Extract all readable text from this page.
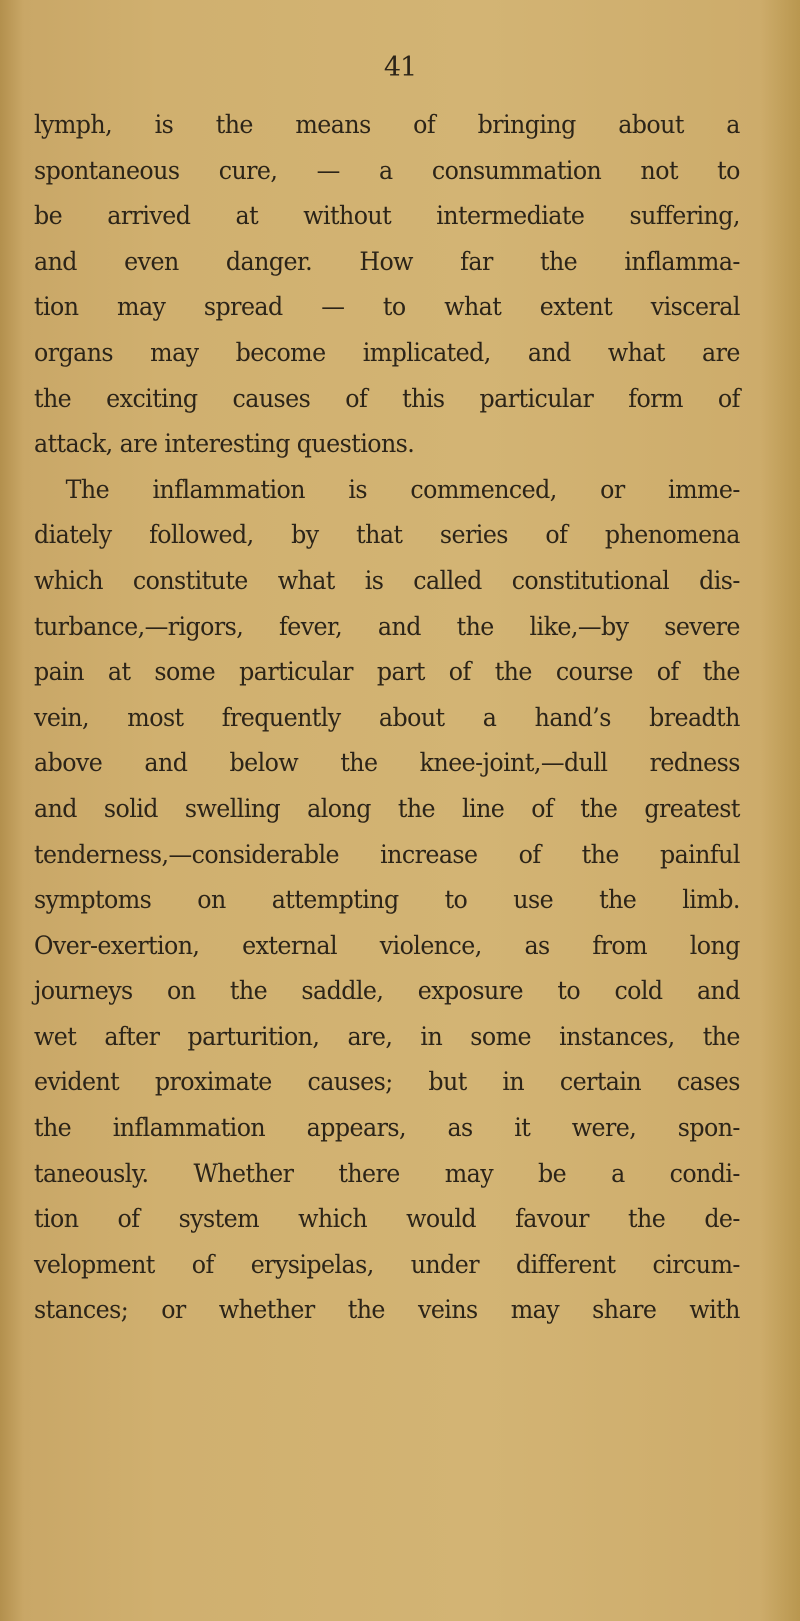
41
lymph, is the means of bringing about a
spontaneous cure, — a consummation not to
be arrived at without intermediate suffering,
and even danger. How far the inflamma-
tion may spread — to what extent visceral
organs may become implicated, and what are
the exciting causes of this particular form of
attack, are interesting questions.
The inflammation is commenced, or imme-
diately followed, by that series of phenomena
which constitute what is called constitutional dis-
turbance,—rigors, fever, and the like,—by severe
pain at some particular part of the course of the
vein, most frequently about a hand’s breadth
above and below the knee-joint,—dull redness
and solid swelling along the line of the greatest
tenderness,—considerable increase of the painful
symptoms on attempting to use the limb.
Over-exertion, external violence, as from long
journeys on the saddle, exposure to cold and
wet after parturition, are, in some instances, the
evident proximate causes; but in certain cases
the inflammation appears, as it were, spon-
taneously. Whether there may be a condi-
tion of system which would favour the de-
velopment of erysipelas, under different circum-
stances; or whether the veins may share with
